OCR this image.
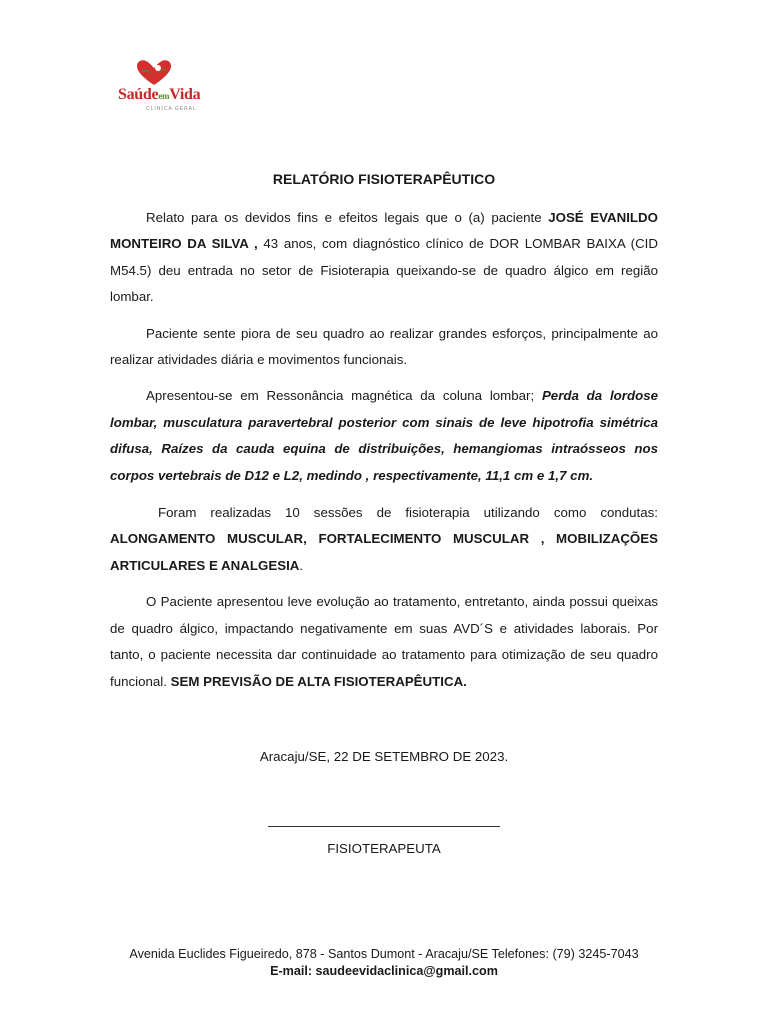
SaúdeemVida
CLÍNICA GERAL
RELATÓRIO FISIOTERAPÊUTICO

Relato para os devidos fins e efeitos legais que o (a) paciente JOSÉ EVANILDO MONTEIRO DA SILVA , 43 anos, com diagnóstico clínico de DOR LOMBAR BAIXA (CID M54.5) deu entrada no setor de Fisioterapia queixando-se de quadro álgico em região lombar.

Paciente sente piora de seu quadro ao realizar grandes esforços, principalmente ao realizar atividades diária e movimentos funcionais.

Apresentou-se em Ressonância magnética da coluna lombar; Perda da lordose lombar, musculatura paravertebral posterior com sinais de leve hipotrofia simétrica difusa, Raízes da cauda equina de distribuições, hemangiomas intraósseos nos corpos vertebrais de D12 e L2, medindo , respectivamente, 11,1 cm e 1,7 cm.

Foram realizadas 10 sessões de fisioterapia utilizando como condutas: ALONGAMENTO MUSCULAR, FORTALECIMENTO MUSCULAR , MOBILIZAÇÕES ARTICULARES E ANALGESIA.

O Paciente apresentou leve evolução ao tratamento, entretanto, ainda possui queixas de quadro álgico, impactando negativamente em suas AVD´S e atividades laborais. Por tanto, o paciente necessita dar continuidade ao tratamento para otimização de seu quadro funcional. SEM PREVISÃO DE ALTA FISIOTERAPÊUTICA.

Aracaju/SE, 22 DE SETEMBRO DE 2023.
FISIOTERAPEUTA
Avenida Euclides Figueiredo, 878 - Santos Dumont - Aracaju/SE Telefones: (79) 3245-7043
E-mail: saudeevidaclinica@gmail.com
